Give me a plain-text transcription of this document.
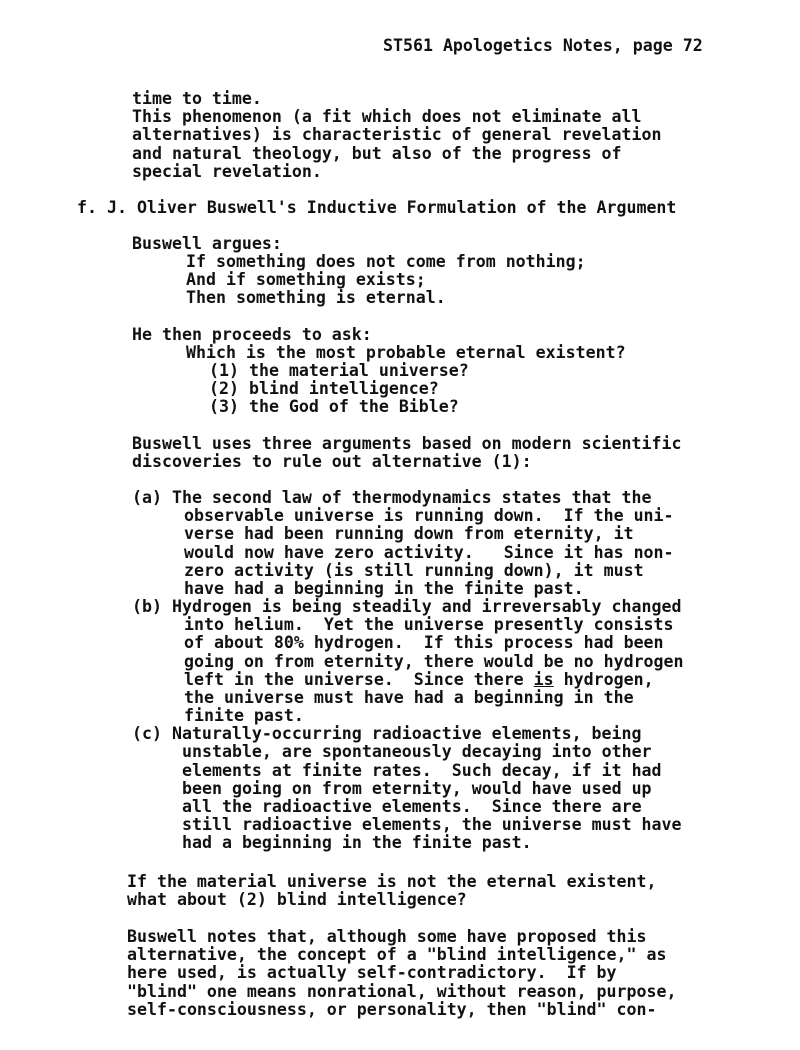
ST561 Apologetics Notes, page 72
time to time.
This phenomenon (a fit which does not eliminate all
alternatives) is characteristic of general revelation
and natural theology, but also of the progress of
special revelation.
f. J. Oliver Buswell's Inductive Formulation of the Argument
Buswell argues:
If something does not come from nothing;
And if something exists;
Then something is eternal.
He then proceeds to ask:
Which is the most probable eternal existent?
(1) the material universe?
(2) blind intelligence?
(3) the God of the Bible?
Buswell uses three arguments based on modern scientific
discoveries to rule out alternative (1):
(a) The second law of thermodynamics states that the
observable universe is running down.  If the uni-
verse had been running down from eternity, it
would now have zero activity.   Since it has non-
zero activity (is still running down), it must
have had a beginning in the finite past.
(b) Hydrogen is being steadily and irreversably changed
into helium.  Yet the universe presently consists
of about 80% hydrogen.  If this process had been
going on from eternity, there would be no hydrogen
left in the universe.  Since there is hydrogen,
the universe must have had a beginning in the
finite past.
(c) Naturally-occurring radioactive elements, being
unstable, are spontaneously decaying into other
elements at finite rates.  Such decay, if it had
been going on from eternity, would have used up
all the radioactive elements.  Since there are
still radioactive elements, the universe must have
had a beginning in the finite past.
If the material universe is not the eternal existent,
what about (2) blind intelligence?
Buswell notes that, although some have proposed this
alternative, the concept of a "blind intelligence," as
here used, is actually self-contradictory.  If by
"blind" one means nonrational, without reason, purpose,
self-consciousness, or personality, then "blind" con-
